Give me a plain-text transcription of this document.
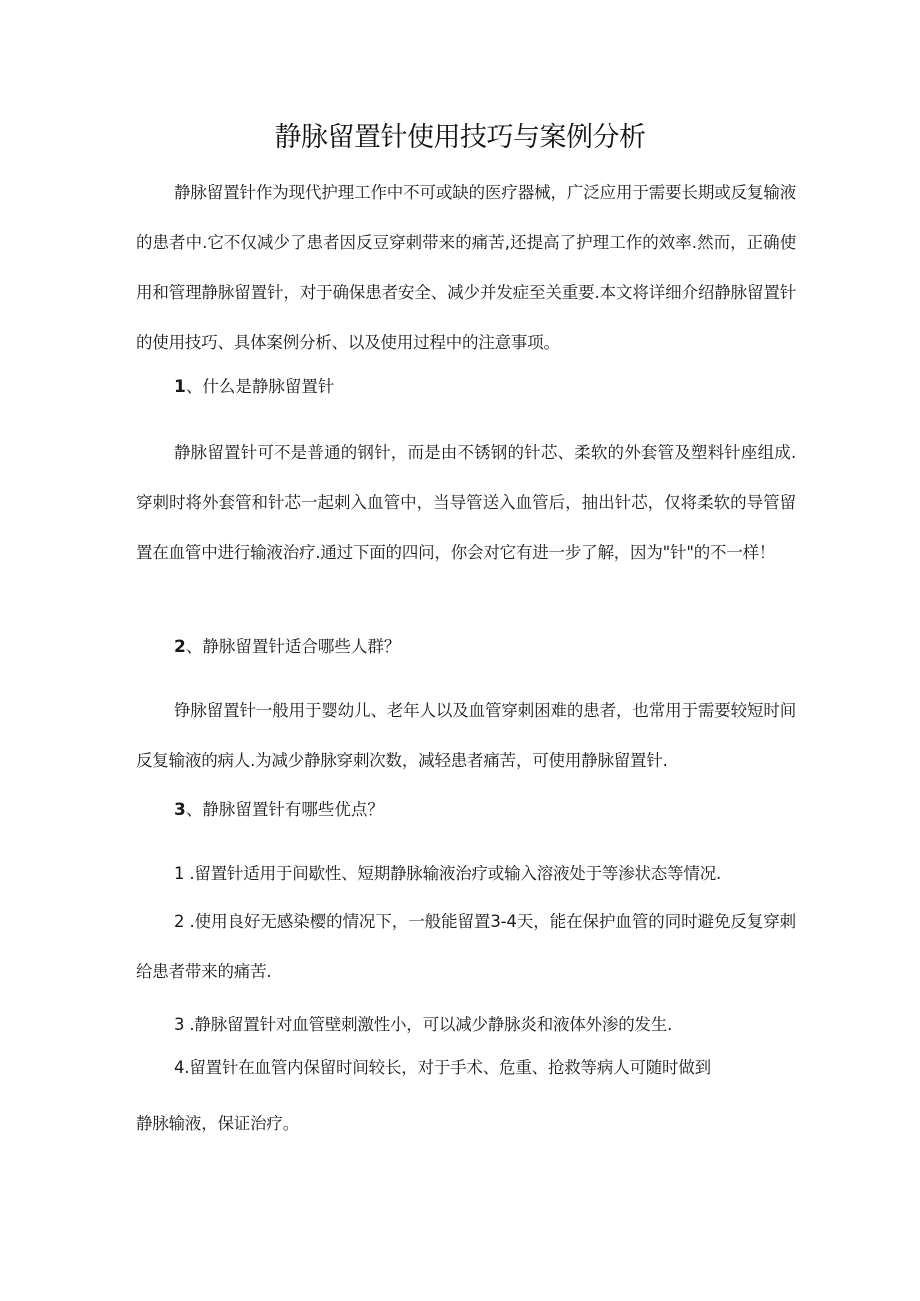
静脉留置针使用技巧与案例分析

静脉留置针作为现代护理工作中不可或缺的医疗器械，广泛应用于需要长期或反复输液的患者中.它不仅减少了患者因反豆穿刺带来的痛苦,还提高了护理工作的效率.然而，正确使用和管理静脉留置针，对于确保患者安全、减少并发症至关重要.本文将详细介绍静脉留置针的使用技巧、具体案例分析、以及使用过程中的注意事项。

1、什么是静脉留置针

静脉留置针可不是普通的钢针，而是由不锈钢的针芯、柔软的外套管及塑料针座组成.穿刺时将外套管和针芯一起刺入血管中，当导管送入血管后，抽出针芯，仅将柔软的导管留置在血管中进行输液治疗.通过下面的四问，你会对它有进一步了解，因为"针"的不一样！

2、静脉留置针适合哪些人群？

铮脉留置针一般用于婴幼儿、老年人以及血管穿刺困难的患者，也常用于需要较短时间反复输液的病人.为减少静脉穿刺次数，减轻患者痛苦，可使用静脉留置针.

3、静脉留置针有哪些优点？

1 .留置针适用于间歇性、短期静脉输液治疗或输入溶液处于等渗状态等情况.

2 .使用良好无感染樱的情况下，一般能留置3-4天，能在保护血管的同时避免反复穿刺给患者带来的痛苦.

3 .静脉留置针对血管壁刺激性小，可以减少静脉炎和液体外渗的发生.

4.留置针在血管内保留时间较长，对于手术、危重、抢救等病人可随时做到

静脉输液，保证治疗。
